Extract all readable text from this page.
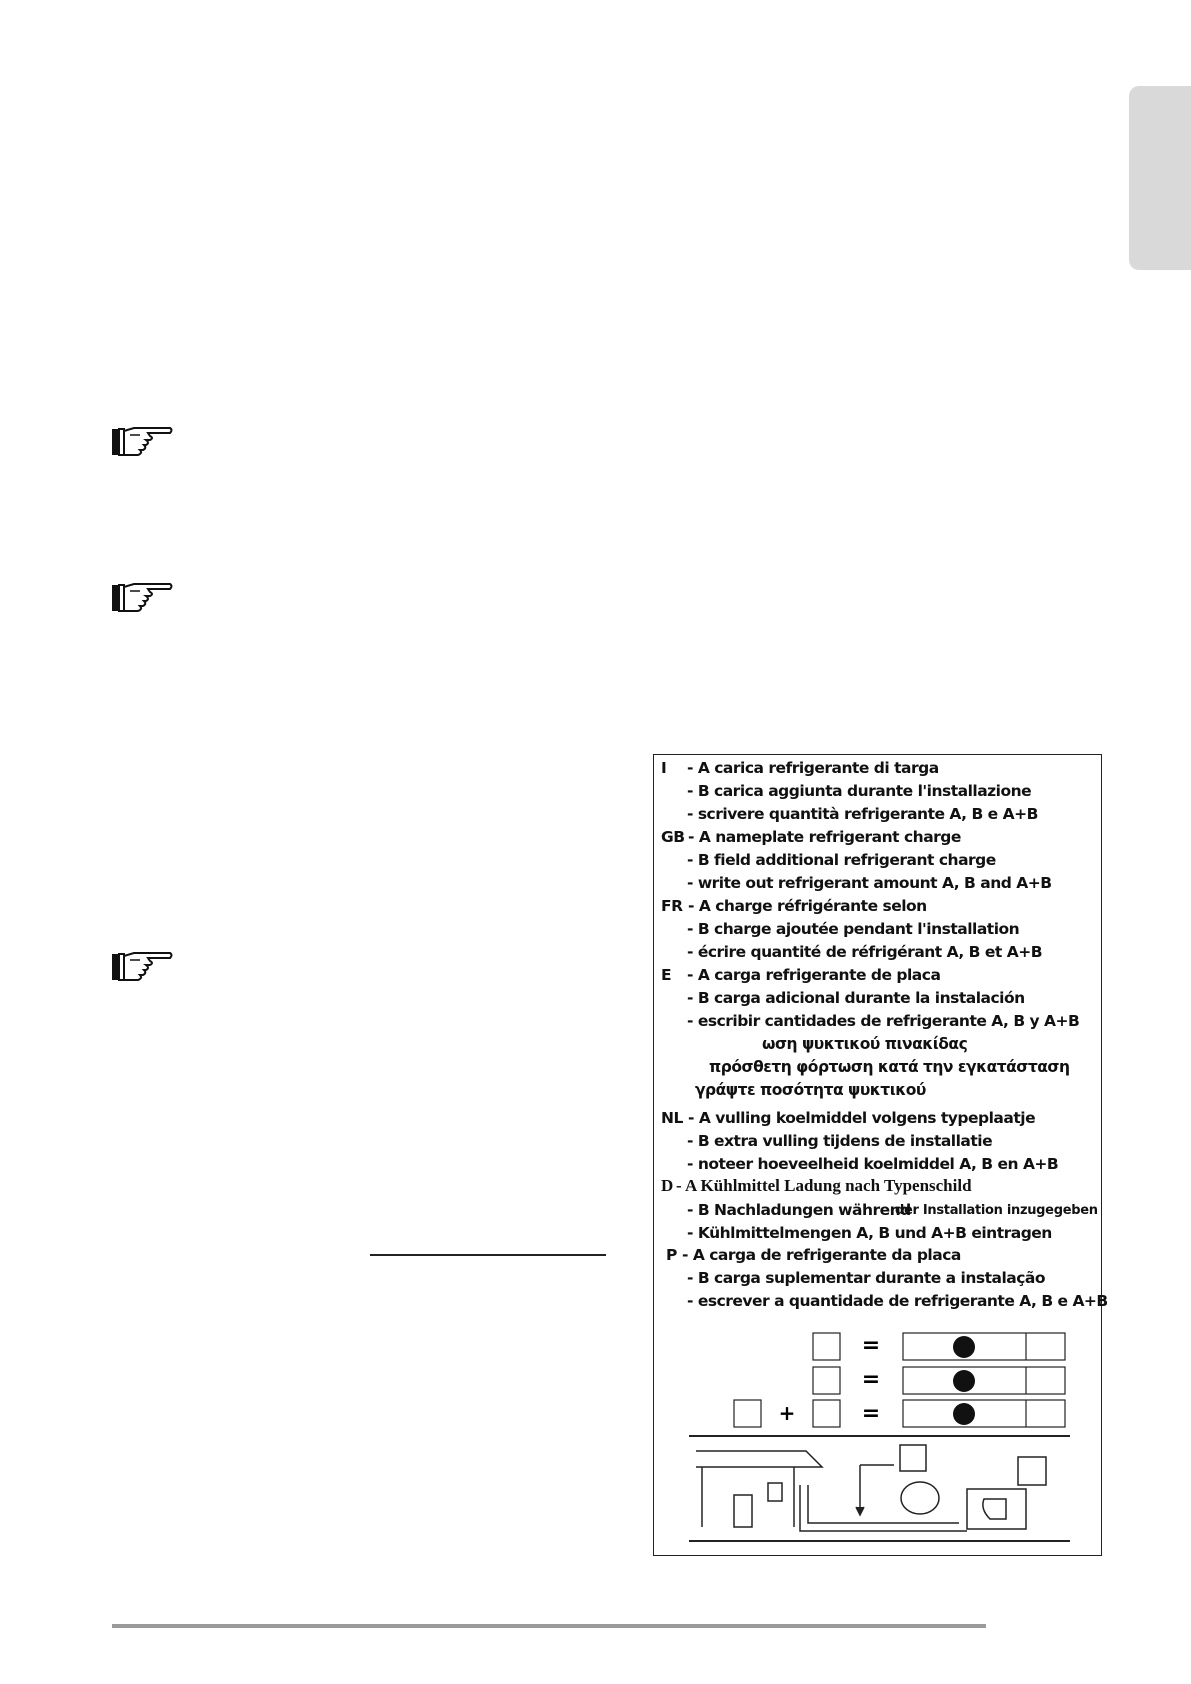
I - A carica refrigerante di targa
- B carica aggiunta durante l'installazione
- scrivere quantità refrigerante A, B e A+B
GB - A nameplate refrigerant charge
- B field additional refrigerant charge
- write out refrigerant amount A, B and A+B
FR - A charge réfrigérante selon
- B charge ajoutée pendant l'installation
- écrire quantité de réfrigérant A, B et A+B
E - A carga refrigerante de placa
- B carga adicional durante la instalación
- escribir cantidades de refrigerante A, B y A+B
ωση ψυκτικού πινακίδας
πρόσθετη φόρτωση κατά την εγκατάσταση
γράψτε ποσότητα ψυκτικού
NL - A vulling koelmiddel volgens typeplaatje
- B extra vulling tijdens de installatie
- noteer hoeveelheid koelmiddel A, B en A+B
D - A Kühlmittel Ladung nach Typenschild
- B Nachladungen während
der Installation inzugegeben
- Kühlmittelmengen A, B und A+B eintragen
P - A carga de refrigerante da placa
- B carga suplementar durante a instalação
- escrever a quantidade de refrigerante A, B e A+B
=
=
+	=
